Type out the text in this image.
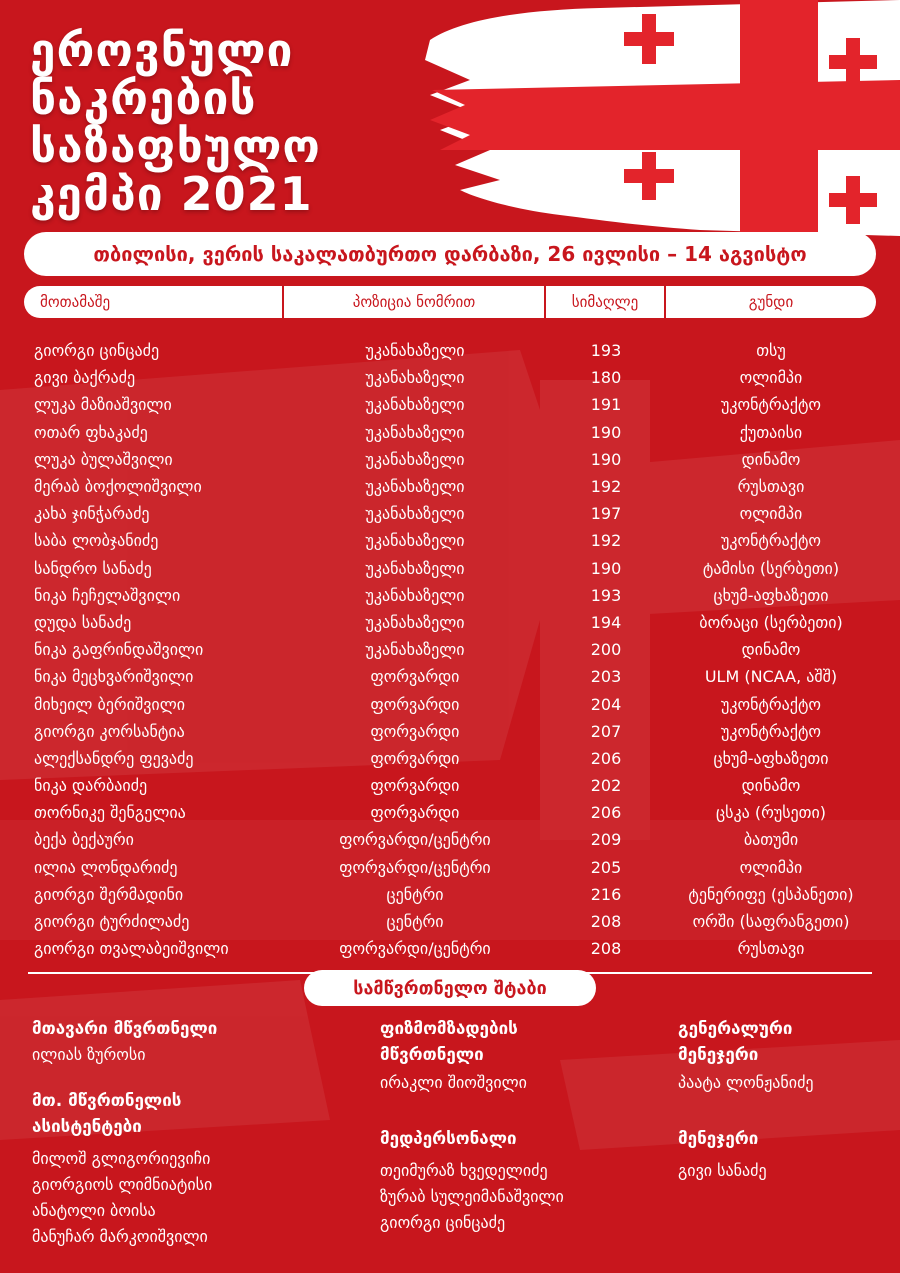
ეროვნული
ნაკრების
საზაფხულო
კემპი 2021
თბილისი, ვერის საკალათბურთო დარბაზი, 26 ივლისი – 14 აგვისტო
მოთამაშე	პოზიცია ნომრით	სიმაღლე	გუნდი
გიორგი ცინცაძე	უკანახაზელი	193	თსუ
გივი ბაქრაძე	უკანახაზელი	180	ოლიმპი
ლუკა მაზიაშვილი	უკანახაზელი	191	უკონტრაქტო
ოთარ ფხაკაძე	უკანახაზელი	190	ქუთაისი
ლუკა ბულაშვილი	უკანახაზელი	190	დინამო
მერაბ ბოქოლიშვილი	უკანახაზელი	192	რუსთავი
კახა ჯინჭარაძე	უკანახაზელი	197	ოლიმპი
საბა ლობჯანიძე	უკანახაზელი	192	უკონტრაქტო
სანდრო სანაძე	უკანახაზელი	190	ტამისი (სერბეთი)
ნიკა ჩეჩელაშვილი	უკანახაზელი	193	ცხუმ-აფხაზეთი
დუდა სანაძე	უკანახაზელი	194	ბორაცი (სერბეთი)
ნიკა გაფრინდაშვილი	უკანახაზელი	200	დინამო
ნიკა მეცხვარიშვილი	ფორვარდი	203	ULM (NCAA, აშშ)
მიხეილ ბერიშვილი	ფორვარდი	204	უკონტრაქტო
გიორგი კორსანტია	ფორვარდი	207	უკონტრაქტო
ალექსანდრე ფევაძე	ფორვარდი	206	ცხუმ-აფხაზეთი
ნიკა დარბაიძე	ფორვარდი	202	დინამო
თორნიკე შენგელია	ფორვარდი	206	ცსკა (რუსეთი)
ბექა ბექაური	ფორვარდი/ცენტრი	209	ბათუმი
ილია ლონდარიძე	ფორვარდი/ცენტრი	205	ოლიმპი
გიორგი შერმადინი	ცენტრი	216	ტენერიფე (ესპანეთი)
გიორგი ტურძილაძე	ცენტრი	208	ორში (საფრანგეთი)
გიორგი თვალაბეიშვილი	ფორვარდი/ცენტრი	208	რუსთავი
სამწვრთნელო შტაბი
მთავარი მწვრთნელი
ილიას ზუროსი
მთ. მწვრთნელის
ასისტენტები
მილოშ გლიგორიევიჩი
გიორგიოს ლიმნიატისი
ანატოლი ბოისა
მანუჩარ მარკოიშვილი
ფიზმომზადების
მწვრთნელი
ირაკლი შიოშვილი
მედპერსონალი
თეიმურაზ ხვედელიძე
ზურაბ სულეიმანაშვილი
გიორგი ცინცაძე
გენერალური
მენეჯერი
პაატა ლონჟანიძე
მენეჯერი
გივი სანაძე
